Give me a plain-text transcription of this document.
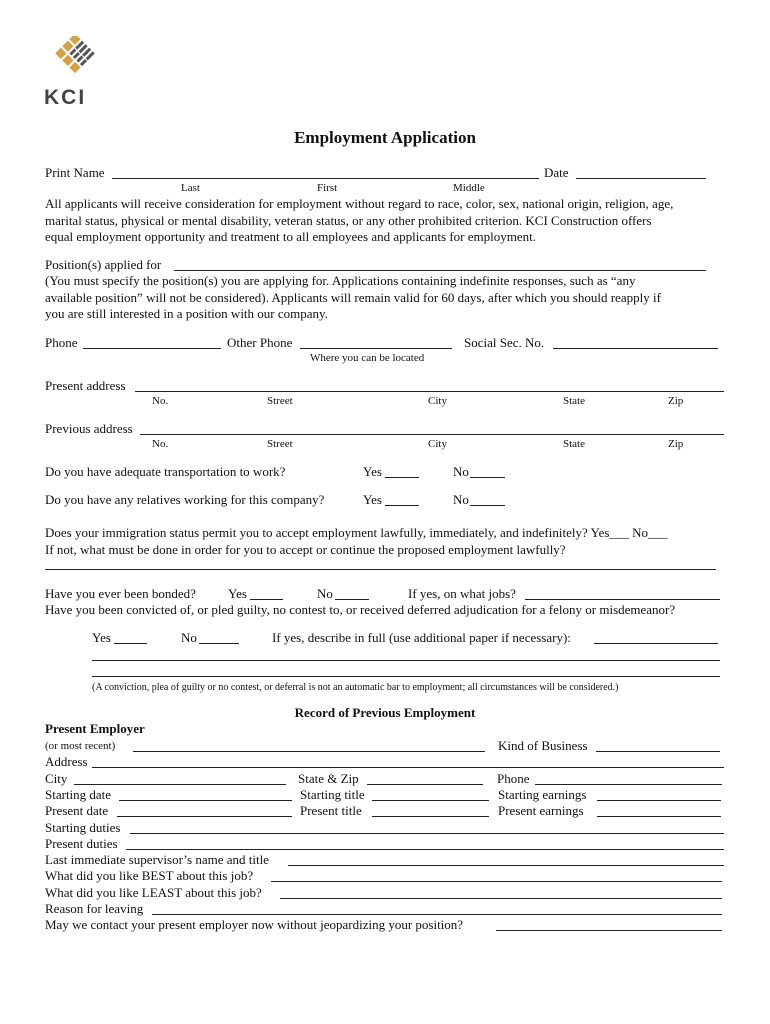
KCI
Employment Application
Print Name	Date
Last	First	Middle
All applicants will receive consideration for employment without regard to race, color, sex, national origin, religion, age,
marital status, physical or mental disability, veteran status, or any other prohibited criterion. KCI Construction offers
equal employment opportunity and treatment to all employees and applicants for employment.
Position(s) applied for
(You must specify the position(s) you are applying for. Applications containing indefinite responses, such as “any
available position” will not be considered). Applicants will remain valid for 60 days, after which you should reapply if
you are still interested in a position with our company.
Phone	Other Phone	Social Sec. No.
Where you can be located
Present address
No.	Street	City	State	Zip
Previous address
No.	Street	City	State	Zip
Do you have adequate transportation to work?	Yes	No
Do you have any relatives working for this company?	Yes	No
Does your immigration status permit you to accept employment lawfully, immediately, and indefinitely? Yes___ No___
If not, what must be done in order for you to accept or continue the proposed employment lawfully?
Have you ever been bonded? Yes	No	If yes, on what jobs?
Have you been convicted of, or pled guilty, no contest to, or received deferred adjudication for a felony or misdemeanor?
Yes	No	If yes, describe in full (use additional paper if necessary):
(A conviction, plea of guilty or no contest, or deferral is not an automatic bar to employment; all circumstances will be considered.)
Record of Previous Employment
Present Employer
(or most recent)	Kind of Business
Address
City	State & Zip	Phone
Starting date	Starting title	Starting earnings
Present date	Present title	Present earnings
Starting duties
Present duties
Last immediate supervisor’s name and title
What did you like BEST about this job?
What did you like LEAST about this job?
Reason for leaving
May we contact your present employer now without jeopardizing your position?
